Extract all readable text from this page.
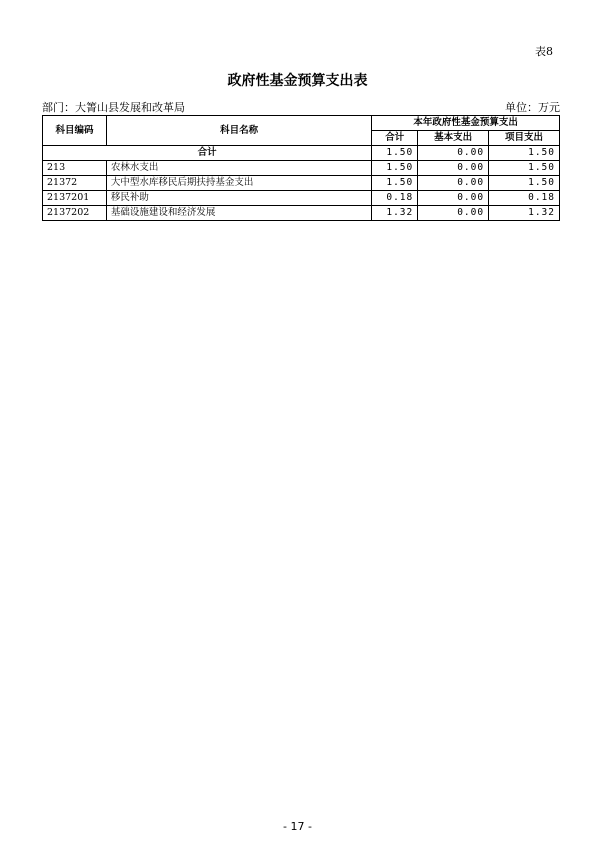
表8
政府性基金预算支出表
部门：大箐山县发展和改革局	单位：万元
科目编码	科目名称	本年政府性基金预算支出		
		合计	基本支出	项目支出
合计		1.50	0.00	1.50
213	农林水支出	1.50	0.00	1.50
21372	大中型水库移民后期扶持基金支出	1.50	0.00	1.50
2137201	移民补助	0.18	0.00	0.18
2137202	基础设施建设和经济发展	1.32	0.00	1.32
- 17 -
